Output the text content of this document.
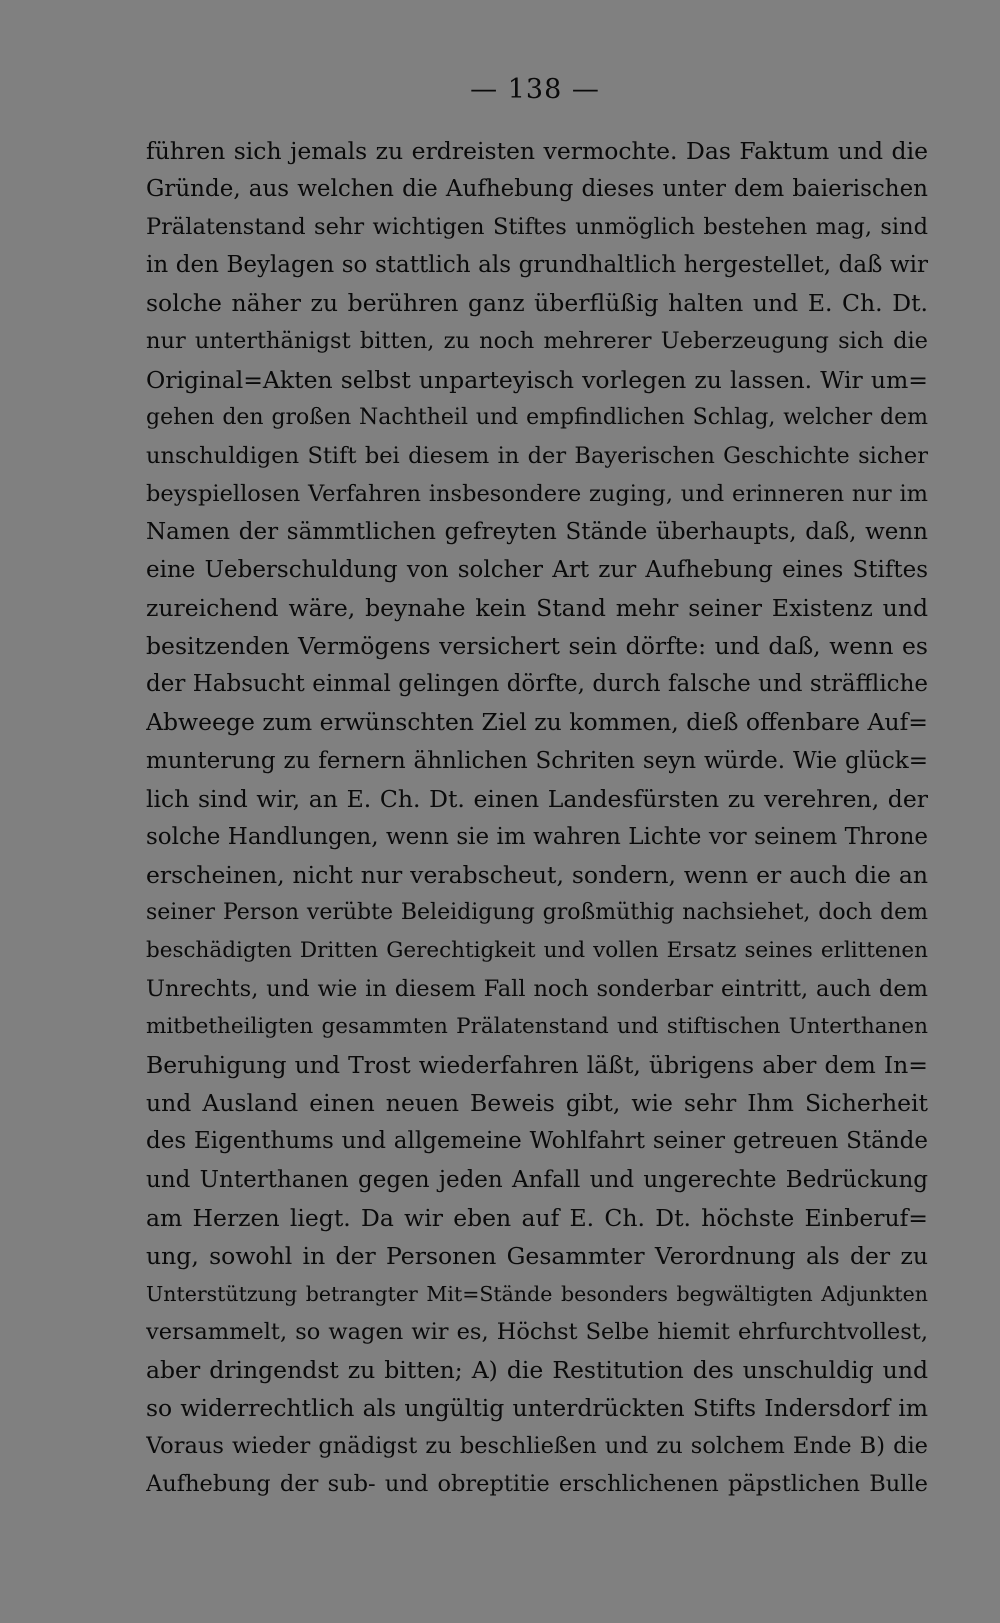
— 138 —
führen sich jemals zu erdreisten vermochte. Das Faktum und die
Gründe, aus welchen die Aufhebung dieses unter dem baierischen
Prälatenstand sehr wichtigen Stiftes unmöglich bestehen mag, sind
in den Beylagen so stattlich als grundhaltlich hergestellet, daß wir
solche näher zu berühren ganz überflüßig halten und E. Ch. Dt.
nur unterthänigst bitten, zu noch mehrerer Ueberzeugung sich die
Original=Akten selbst unparteyisch vorlegen zu lassen. Wir um=
gehen den großen Nachtheil und empfindlichen Schlag, welcher dem
unschuldigen Stift bei diesem in der Bayerischen Geschichte sicher
beyspiellosen Verfahren insbesondere zuging, und erinneren nur im
Namen der sämmtlichen gefreyten Stände überhaupts, daß, wenn
eine Ueberschuldung von solcher Art zur Aufhebung eines Stiftes
zureichend wäre, beynahe kein Stand mehr seiner Existenz und
besitzenden Vermögens versichert sein dörfte: und daß, wenn es
der Habsucht einmal gelingen dörfte, durch falsche und sträffliche
Abweege zum erwünschten Ziel zu kommen, dieß offenbare Auf=
munterung zu fernern ähnlichen Schriten seyn würde. Wie glück=
lich sind wir, an E. Ch. Dt. einen Landesfürsten zu verehren, der
solche Handlungen, wenn sie im wahren Lichte vor seinem Throne
erscheinen, nicht nur verabscheut, sondern, wenn er auch die an
seiner Person verübte Beleidigung großmüthig nachsiehet, doch dem
beschädigten Dritten Gerechtigkeit und vollen Ersatz seines erlittenen
Unrechts, und wie in diesem Fall noch sonderbar eintritt, auch dem
mitbetheiligten gesammten Prälatenstand und stiftischen Unterthanen
Beruhigung und Trost wiederfahren läßt, übrigens aber dem In=
und Ausland einen neuen Beweis gibt, wie sehr Ihm Sicherheit
des Eigenthums und allgemeine Wohlfahrt seiner getreuen Stände
und Unterthanen gegen jeden Anfall und ungerechte Bedrückung
am Herzen liegt. Da wir eben auf E. Ch. Dt. höchste Einberuf=
ung, sowohl in der Personen Gesammter Verordnung als der zu
Unterstützung betrangter Mit=Stände besonders begwältigten Adjunkten
versammelt, so wagen wir es, Höchst Selbe hiemit ehrfurchtvollest,
aber dringendst zu bitten; A) die Restitution des unschuldig und
so widerrechtlich als ungültig unterdrückten Stifts Indersdorf im
Voraus wieder gnädigst zu beschließen und zu solchem Ende B) die
Aufhebung der sub- und obreptitie erschlichenen päpstlichen Bulle
